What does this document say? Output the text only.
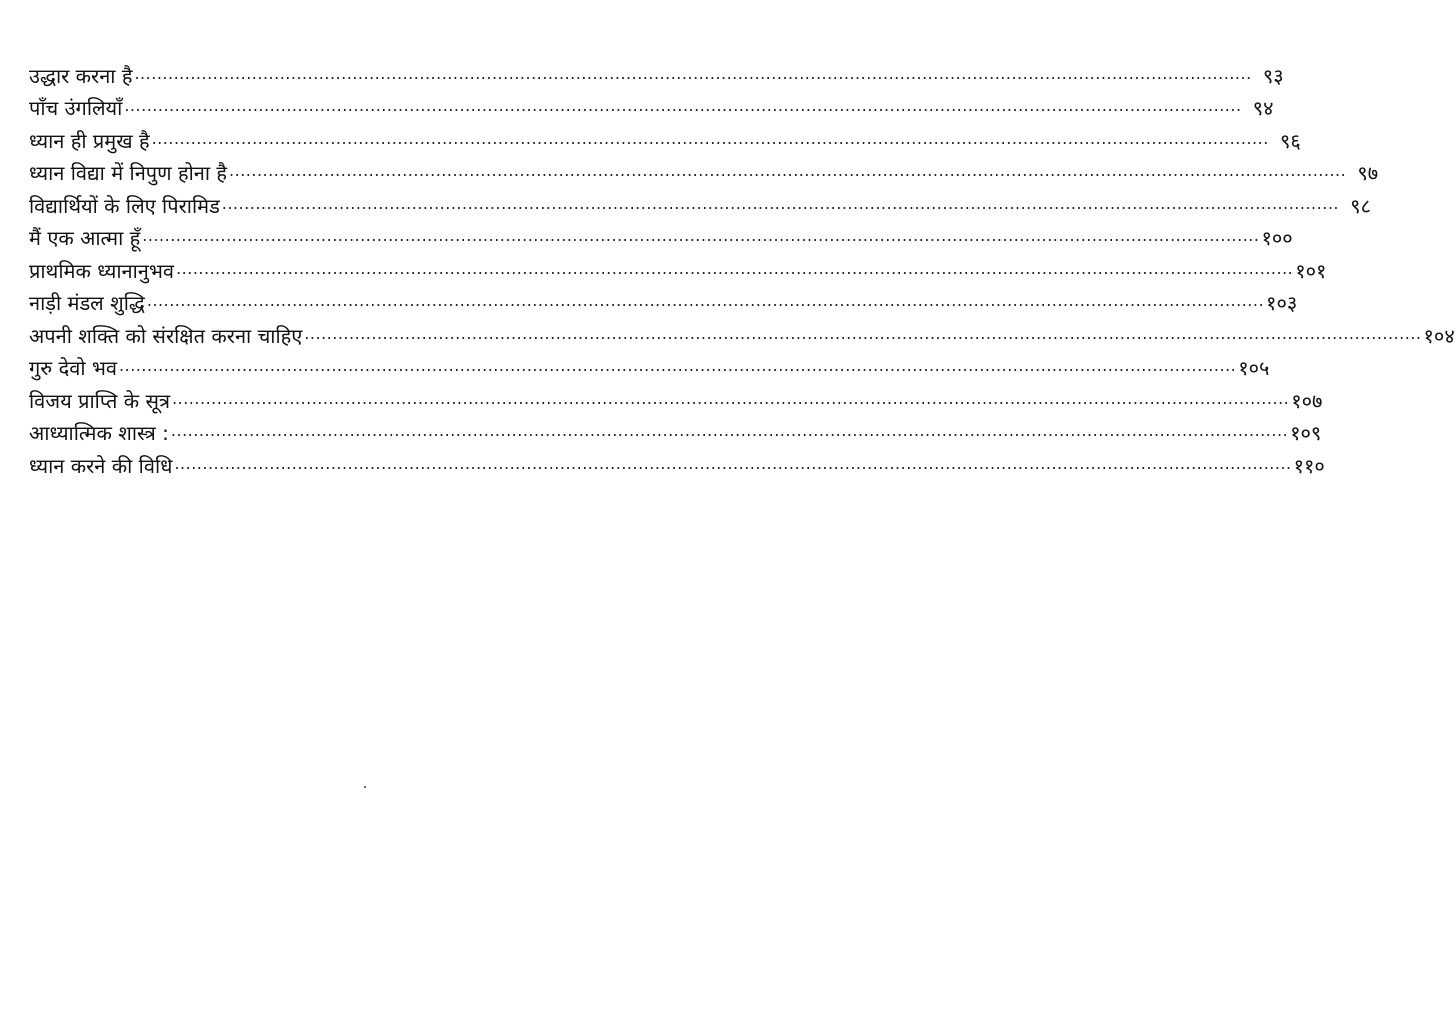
उद्धार करना है ........................................................................................................................................................................................................ ९३
पाँच उंगलियाँ ........................................................................................................................................................................................................ ९४
ध्यान ही प्रमुख है ........................................................................................................................................................................................................ ९६
ध्यान विद्या में निपुण होना है ........................................................................................................................................................................................................ ९७
विद्यार्थियों के लिए पिरामिड ........................................................................................................................................................................................................ ९८
मैं एक आत्मा हूँ ........................................................................................................................................................................................................ १००
प्राथमिक ध्यानानुभव ........................................................................................................................................................................................................ १०१
नाड़ी मंडल शुद्धि ........................................................................................................................................................................................................ १०३
अपनी शक्ति को संरक्षित करना चाहिए ........................................................................................................................................................................................................ १०४
गुरु देवो भव ........................................................................................................................................................................................................ १०५
विजय प्राप्ति के सूत्र ........................................................................................................................................................................................................ १०७
आध्यात्मिक शास्त्र : ........................................................................................................................................................................................................ १०९
ध्यान करने की विधि ........................................................................................................................................................................................................ ११०
